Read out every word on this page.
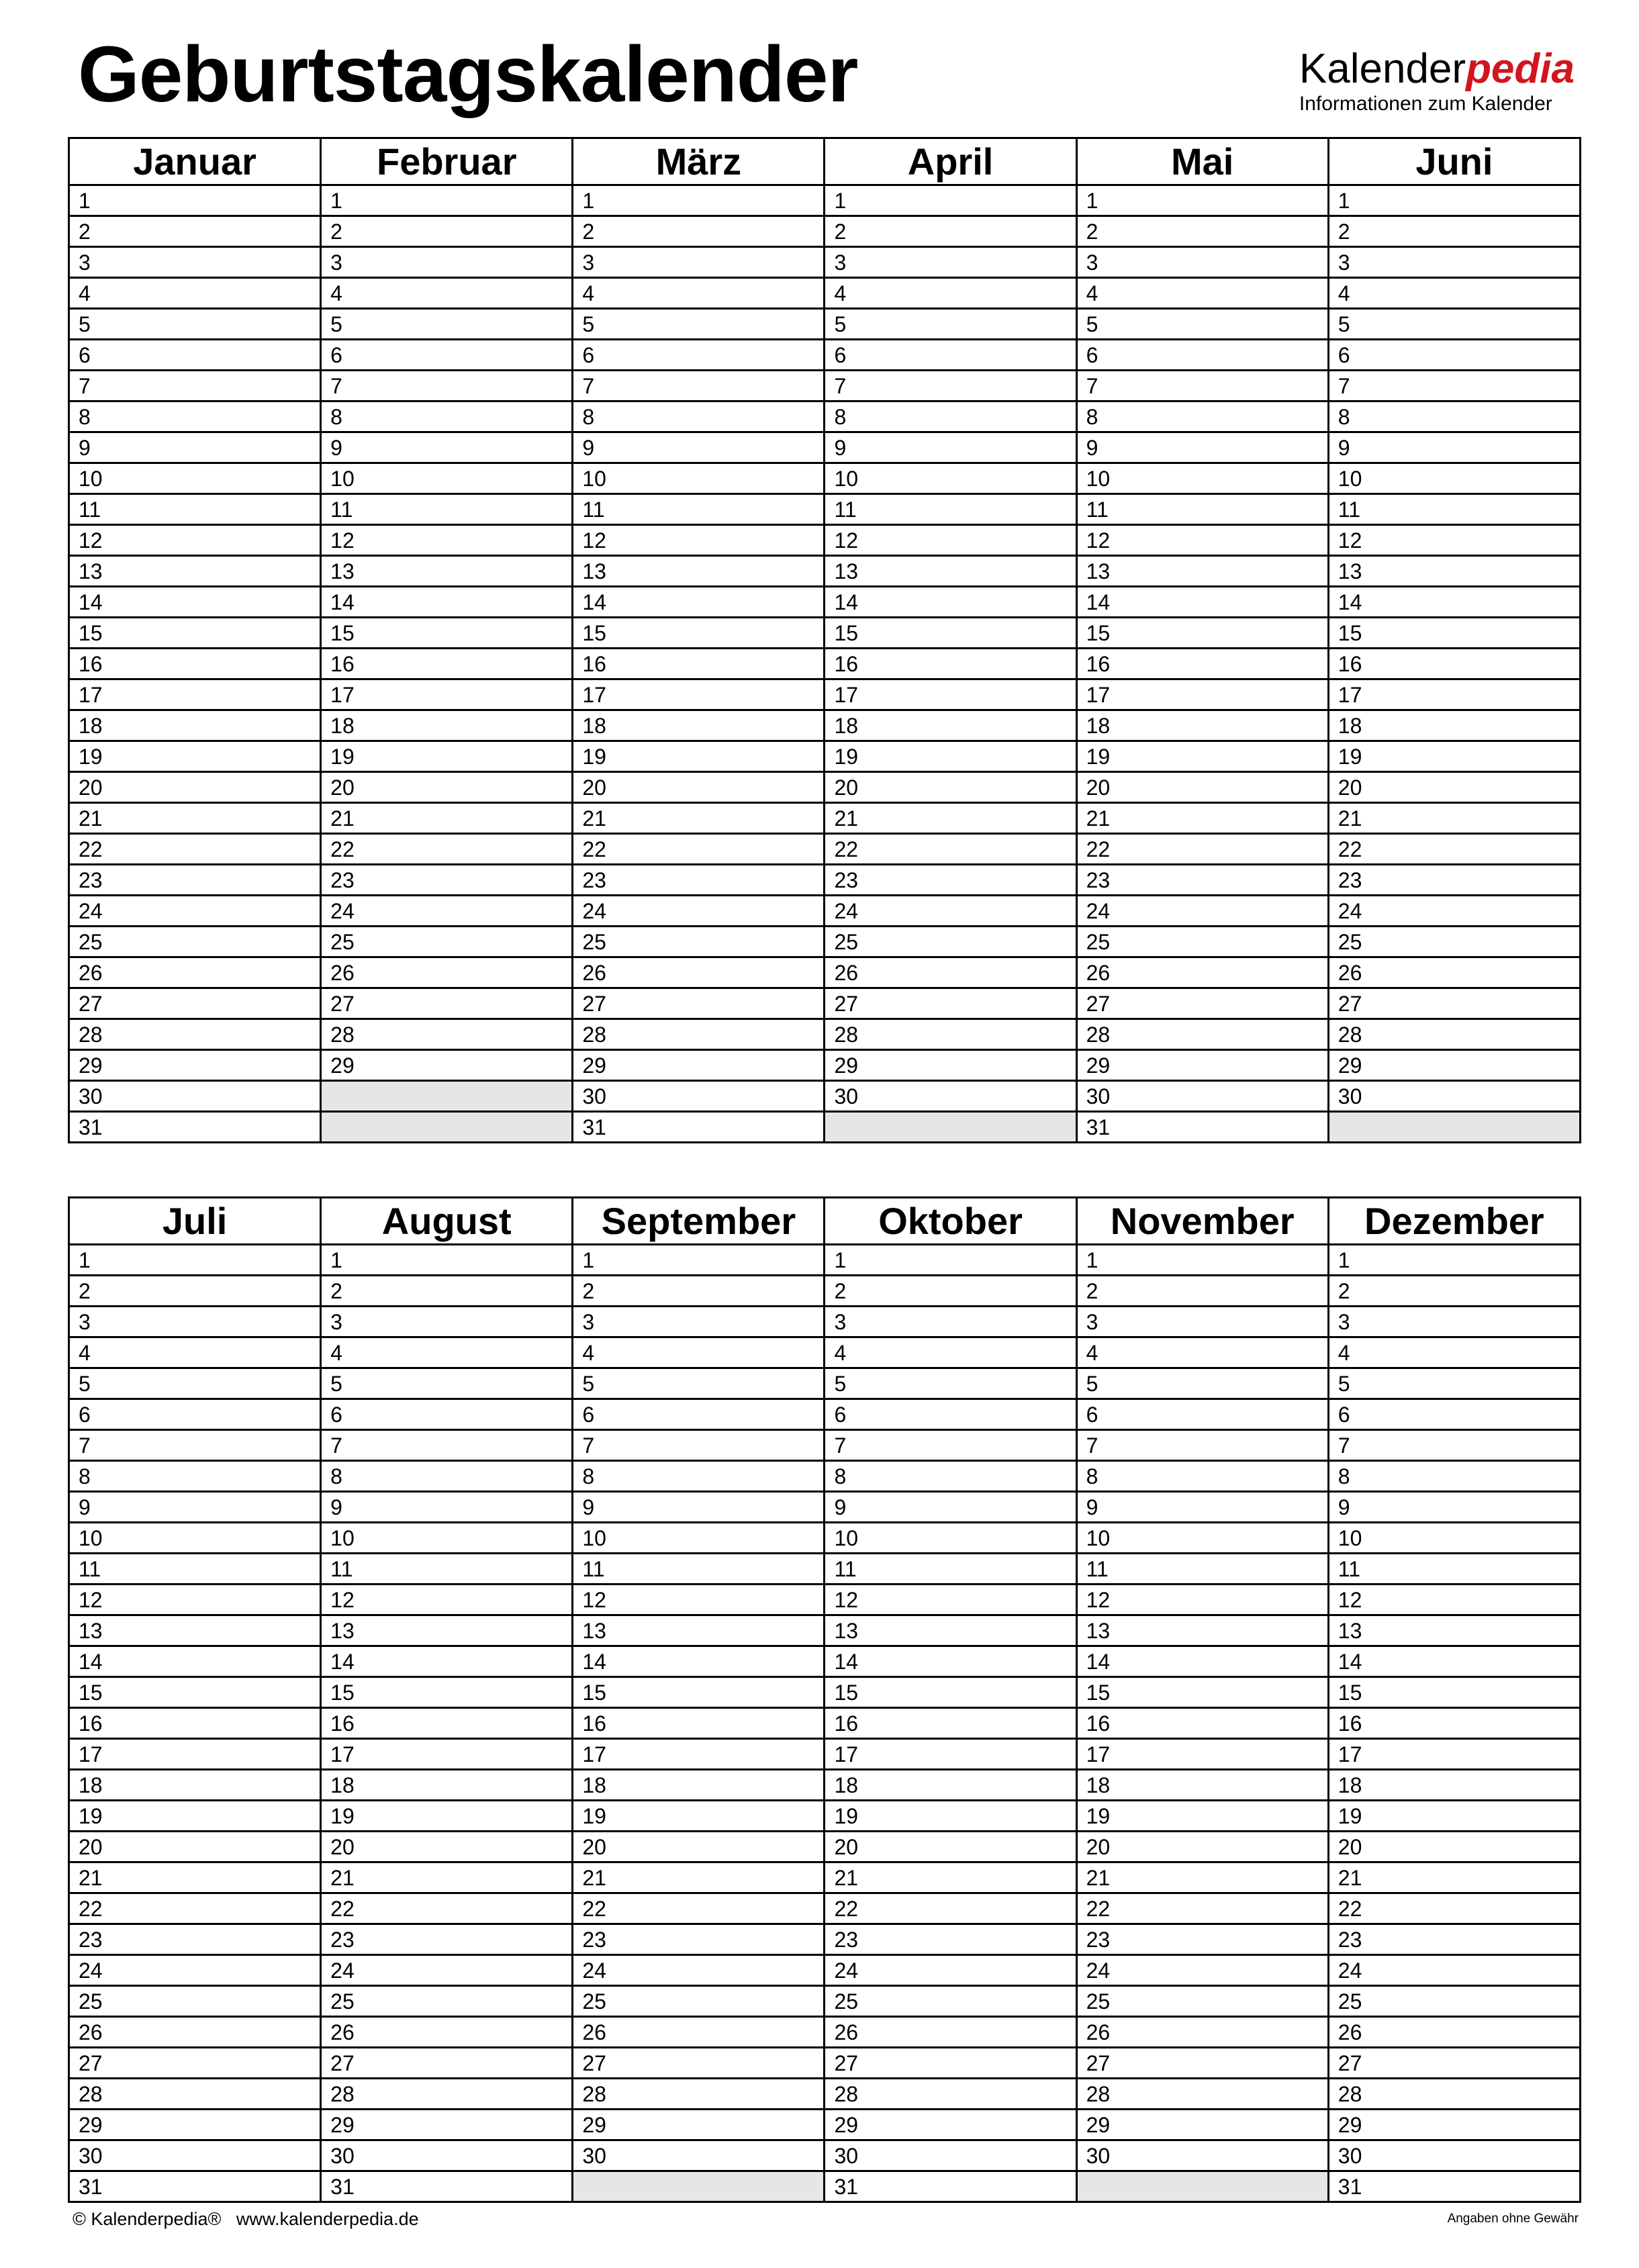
Geburtstagskalender	Kalenderpedia
Informationen zum Kalender
Januar	Februar	März	April	Mai	Juni
1	1	1	1	1	1
2	2	2	2	2	2
3	3	3	3	3	3
4	4	4	4	4	4
5	5	5	5	5	5
6	6	6	6	6	6
7	7	7	7	7	7
8	8	8	8	8	8
9	9	9	9	9	9
10	10	10	10	10	10
11	11	11	11	11	11
12	12	12	12	12	12
13	13	13	13	13	13
14	14	14	14	14	14
15	15	15	15	15	15
16	16	16	16	16	16
17	17	17	17	17	17
18	18	18	18	18	18
19	19	19	19	19	19
20	20	20	20	20	20
21	21	21	21	21	21
22	22	22	22	22	22
23	23	23	23	23	23
24	24	24	24	24	24
25	25	25	25	25	25
26	26	26	26	26	26
27	27	27	27	27	27
28	28	28	28	28	28
29	29	29	29	29	29
30		30	30	30	30
31		31		31	
Juli	August	September	Oktober	November	Dezember
1	1	1	1	1	1
2	2	2	2	2	2
3	3	3	3	3	3
4	4	4	4	4	4
5	5	5	5	5	5
6	6	6	6	6	6
7	7	7	7	7	7
8	8	8	8	8	8
9	9	9	9	9	9
10	10	10	10	10	10
11	11	11	11	11	11
12	12	12	12	12	12
13	13	13	13	13	13
14	14	14	14	14	14
15	15	15	15	15	15
16	16	16	16	16	16
17	17	17	17	17	17
18	18	18	18	18	18
19	19	19	19	19	19
20	20	20	20	20	20
21	21	21	21	21	21
22	22	22	22	22	22
23	23	23	23	23	23
24	24	24	24	24	24
25	25	25	25	25	25
26	26	26	26	26	26
27	27	27	27	27	27
28	28	28	28	28	28
29	29	29	29	29	29
30	30	30	30	30	30
31	31		31		31
© Kalenderpedia®   www.kalenderpedia.de	Angaben ohne Gewähr
